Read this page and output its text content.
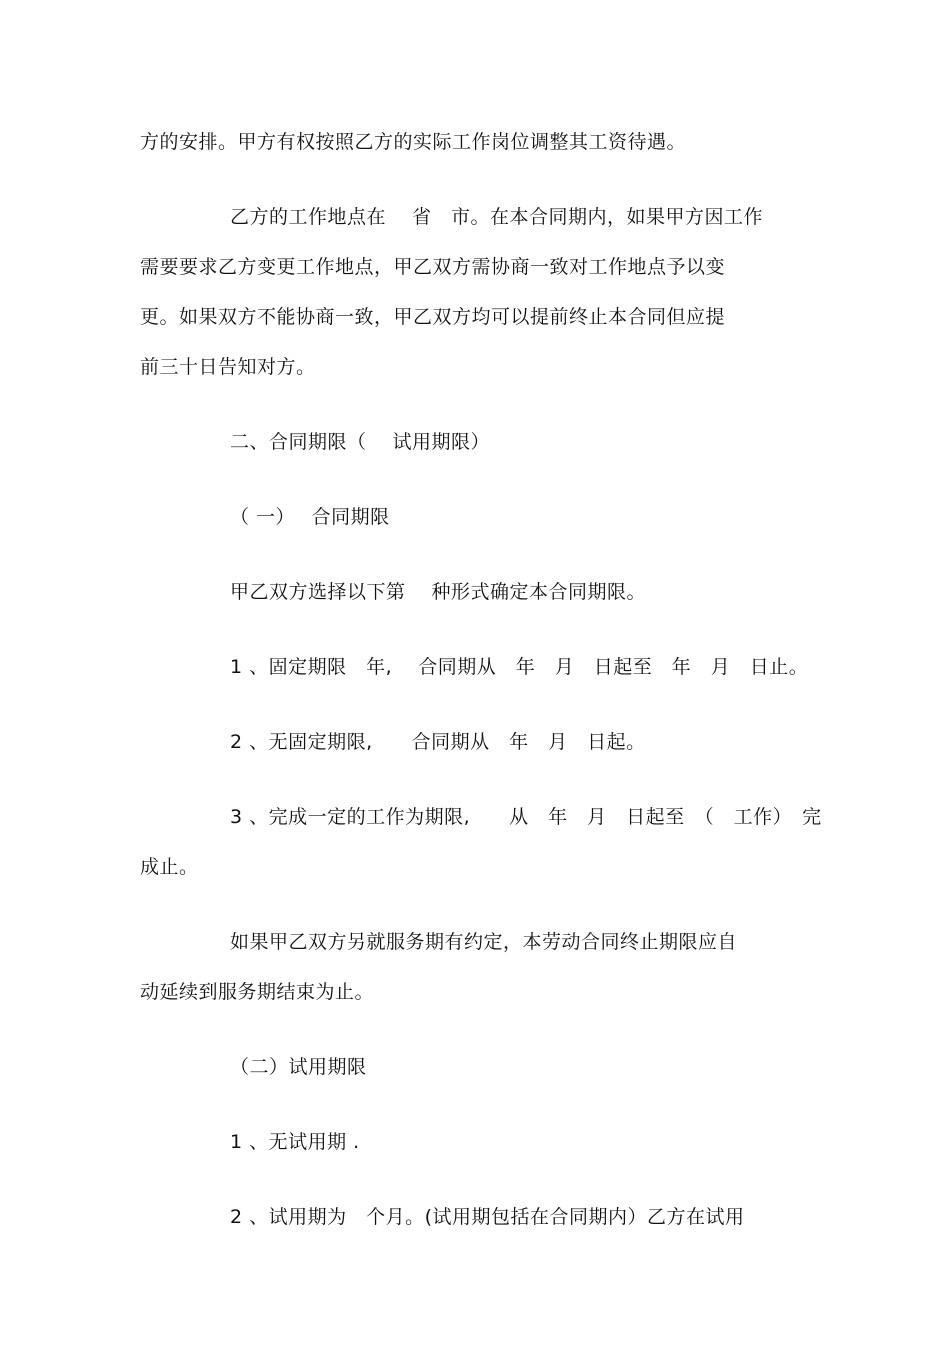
方的安排。甲方有权按照乙方的实际工作岗位调整其工资待遇。
乙方的工作地点在　 省　市。在本合同期内，如果甲方因工作
需要要求乙方变更工作地点，甲乙双方需协商一致对工作地点予以变
更。如果双方不能协商一致，甲乙双方均可以提前终止本合同但应提
前三十日告知对方。
二、合同期限（　 试用期限）
（ 一）　 合同期限
甲乙双方选择以下第　 种形式确定本合同期限。
1 、固定期限　年,　 合同期从　年　月　日起至　年　月　日止。
2 、无固定期限,　　合同期从　年　月　日起。
3 、完成一定的工作为期限,　　从　年　月　日起至　（　工作）　完
成止。
如果甲乙双方另就服务期有约定，本劳动合同终止期限应自
动延续到服务期结束为止。
（二）试用期限
1 、无试用期 .
2 、试用期为　个月。(试用期包括在合同期内）乙方在试用
